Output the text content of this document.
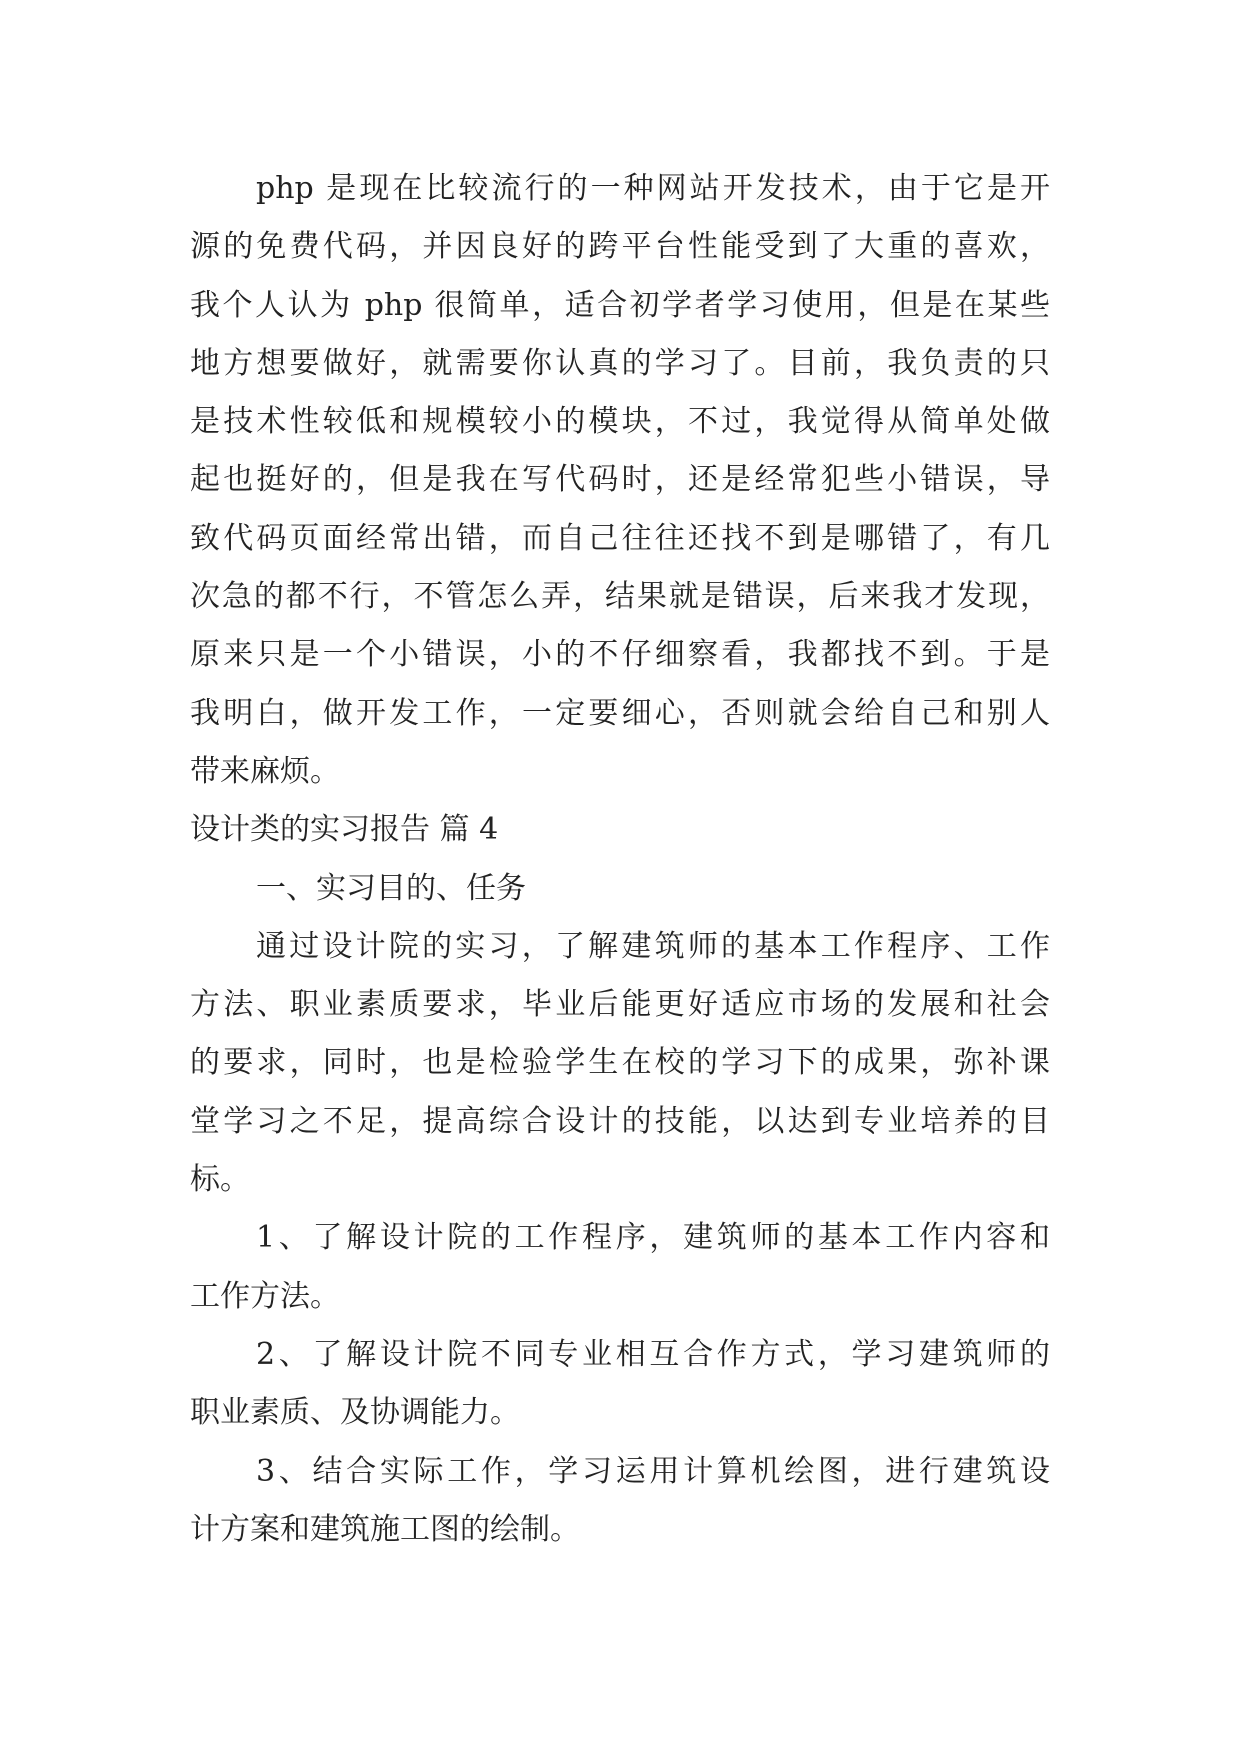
php 是现在比较流行的一种网站开发技术，由于它是开
源的免费代码，并因良好的跨平台性能受到了大重的喜欢，
我个人认为 php 很简单，适合初学者学习使用，但是在某些
地方想要做好，就需要你认真的学习了。目前，我负责的只
是技术性较低和规模较小的模块，不过，我觉得从简单处做
起也挺好的，但是我在写代码时，还是经常犯些小错误，导
致代码页面经常出错，而自己往往还找不到是哪错了，有几
次急的都不行，不管怎么弄，结果就是错误，后来我才发现，
原来只是一个小错误，小的不仔细察看，我都找不到。于是
我明白，做开发工作，一定要细心，否则就会给自己和别人
带来麻烦。
设计类的实习报告 篇 4
一、实习目的、任务
通过设计院的实习，了解建筑师的基本工作程序、工作
方法、职业素质要求，毕业后能更好适应市场的发展和社会
的要求，同时，也是检验学生在校的学习下的成果，弥补课
堂学习之不足，提高综合设计的技能，以达到专业培养的目
标。
1、了解设计院的工作程序，建筑师的基本工作内容和
工作方法。
2、了解设计院不同专业相互合作方式，学习建筑师的
职业素质、及协调能力。
3、结合实际工作，学习运用计算机绘图，进行建筑设
计方案和建筑施工图的绘制。
